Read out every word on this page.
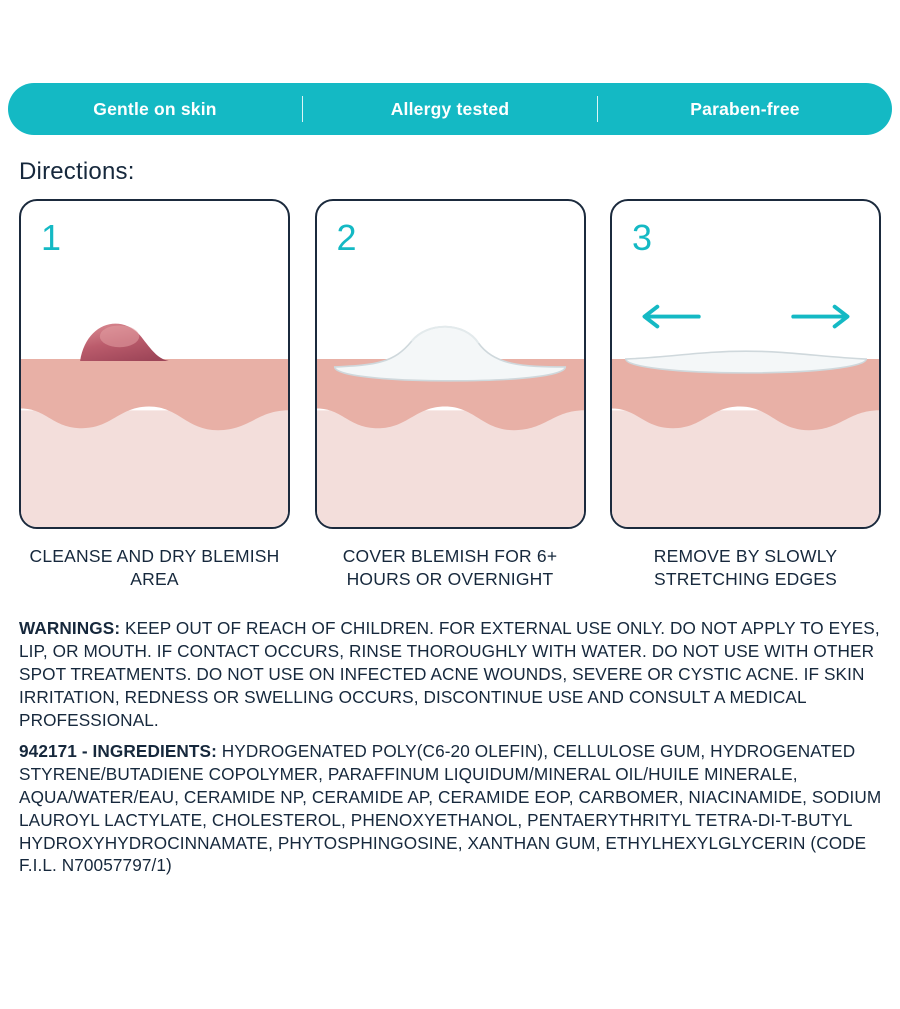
Gentle on skin	Allergy tested	Paraben-free
Directions:
1
CLEANSE AND DRY BLEMISH AREA
2
COVER BLEMISH FOR 6+ HOURS OR OVERNIGHT
3
REMOVE BY SLOWLY STRETCHING EDGES
WARNINGS: KEEP OUT OF REACH OF CHILDREN. FOR EXTERNAL USE ONLY. DO NOT APPLY TO EYES, LIP, OR MOUTH. IF CONTACT OCCURS, RINSE THOROUGHLY WITH WATER. DO NOT USE WITH OTHER SPOT TREATMENTS. DO NOT USE ON INFECTED ACNE WOUNDS, SEVERE OR CYSTIC ACNE. IF SKIN IRRITATION, REDNESS OR SWELLING OCCURS, DISCONTINUE USE AND CONSULT A MEDICAL PROFESSIONAL.
942171 - INGREDIENTS: HYDROGENATED POLY(C6-20 OLEFIN), CELLULOSE GUM, HYDROGENATED STYRENE/BUTADIENE COPOLYMER, PARAFFINUM LIQUIDUM/MINERAL OIL/HUILE MINERALE, AQUA/WATER/EAU, CERAMIDE NP, CERAMIDE AP, CERAMIDE EOP, CARBOMER, NIACINAMIDE, SODIUM LAUROYL LACTYLATE, CHOLESTEROL, PHENOXYETHANOL, PENTAERYTHRITYL TETRA-DI-T-BUTYL HYDROXYHYDROCINNAMATE, PHYTOSPHINGOSINE, XANTHAN GUM, ETHYLHEXYLGLYCERIN (CODE F.I.L. N70057797/1)
